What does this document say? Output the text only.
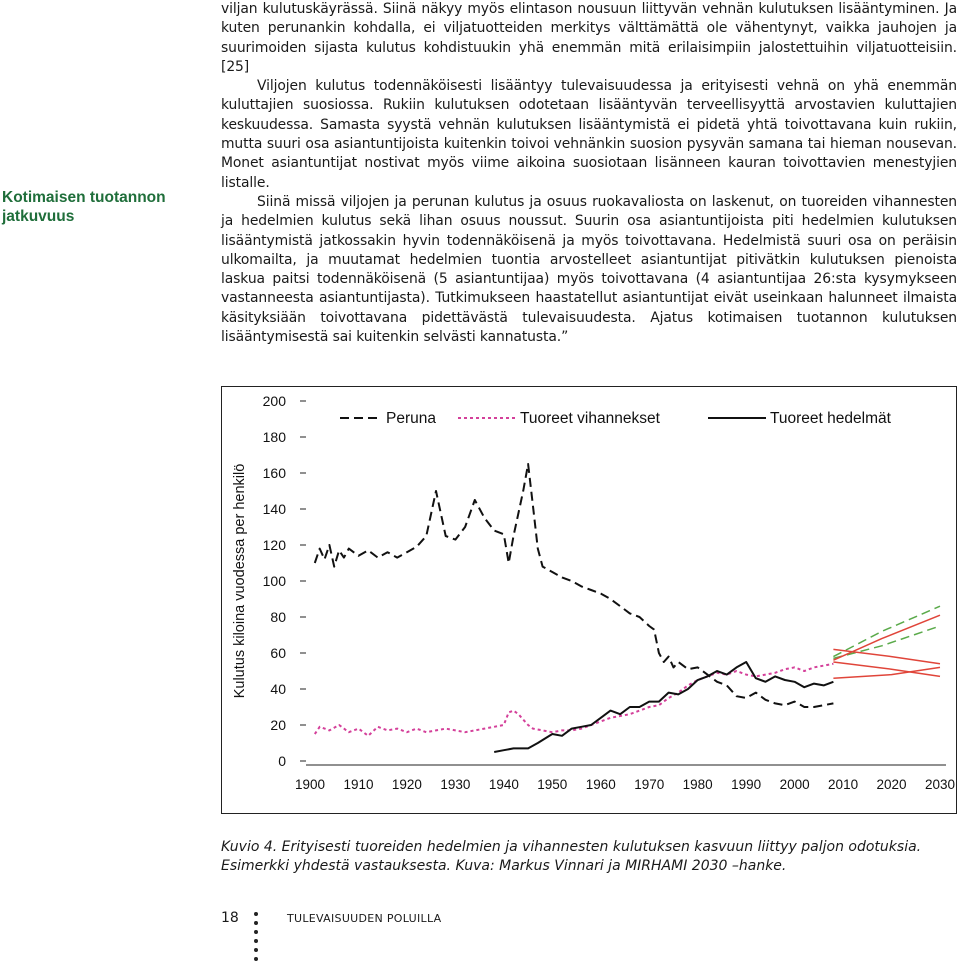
Kotimaisen tuotannon jatkuvuus

viljan kulutuskäyrässä. Siinä näkyy myös elintason nousuun liittyvän vehnän kulutuksen lisääntyminen. Ja kuten perunankin kohdalla, ei viljatuotteiden merkitys välttämättä ole vähentynyt, vaikka jauhojen ja suurimoiden sijasta kulutus kohdistuukin yhä enemmän mitä erilaisimpiin jalostettuihin viljatuotteisiin. [25]

Viljojen kulutus todennäköisesti lisääntyy tulevaisuudessa ja erityisesti vehnä on yhä enemmän kuluttajien suosiossa. Rukiin kulutuksen odotetaan lisääntyvän terveellisyyttä arvostavien kuluttajien keskuudessa. Samasta syystä vehnän kulutuksen lisääntymistä ei pidetä yhtä toivottavana kuin rukiin, mutta suuri osa asiantuntijoista kuitenkin toivoi vehnänkin suosion pysyvän samana tai hieman nousevan. Monet asiantuntijat nostivat myös viime aikoina suosiotaan lisänneen kauran toivottavien menestyjien listalle.

Siinä missä viljojen ja perunan kulutus ja osuus ruokavaliosta on laskenut, on tuoreiden vihannesten ja hedelmien kulutus sekä lihan osuus noussut. Suurin osa asiantuntijoista piti hedelmien kulutuksen lisääntymistä jatkossakin hyvin todennäköisenä ja myös toivottavana. Hedelmistä suuri osa on peräisin ulkomailta, ja muutamat hedelmien tuontia arvostelleet asiantuntijat pitivätkin kulutuksen pienoista laskua paitsi todennäköisenä (5 asiantuntijaa) myös toivottavana (4 asiantuntijaa 26:sta kysymykseen vastanneesta asiantuntijasta). Tutkimukseen haastatellut asiantuntijat eivät useinkaan halunneet ilmaista käsityksiään toivottavana pidettävästä tulevaisuudesta. Ajatus kotimaisen tuotannon kulutuksen lisääntymisestä sai kuitenkin selvästi kannatusta.”

0
20
40
60
80
100
120
140
160
180
200
1900 1910 1920 1930 1940 1950 1960 1970 1980 1990 2000 2010 2020 2030
Kulutus kiloina vuodessa per henkilö
Peruna	Tuoreet vihannekset	Tuoreet hedelmät
Kuvio 4. Erityisesti tuoreiden hedelmien ja vihannesten kulutuksen kasvuun liittyy paljon odotuksia. Esimerkki yhdestä vastauksesta. Kuva: Markus Vinnari ja MIRHAMI 2030 –hanke.
18	TULEVAISUUDEN POLUILLA
